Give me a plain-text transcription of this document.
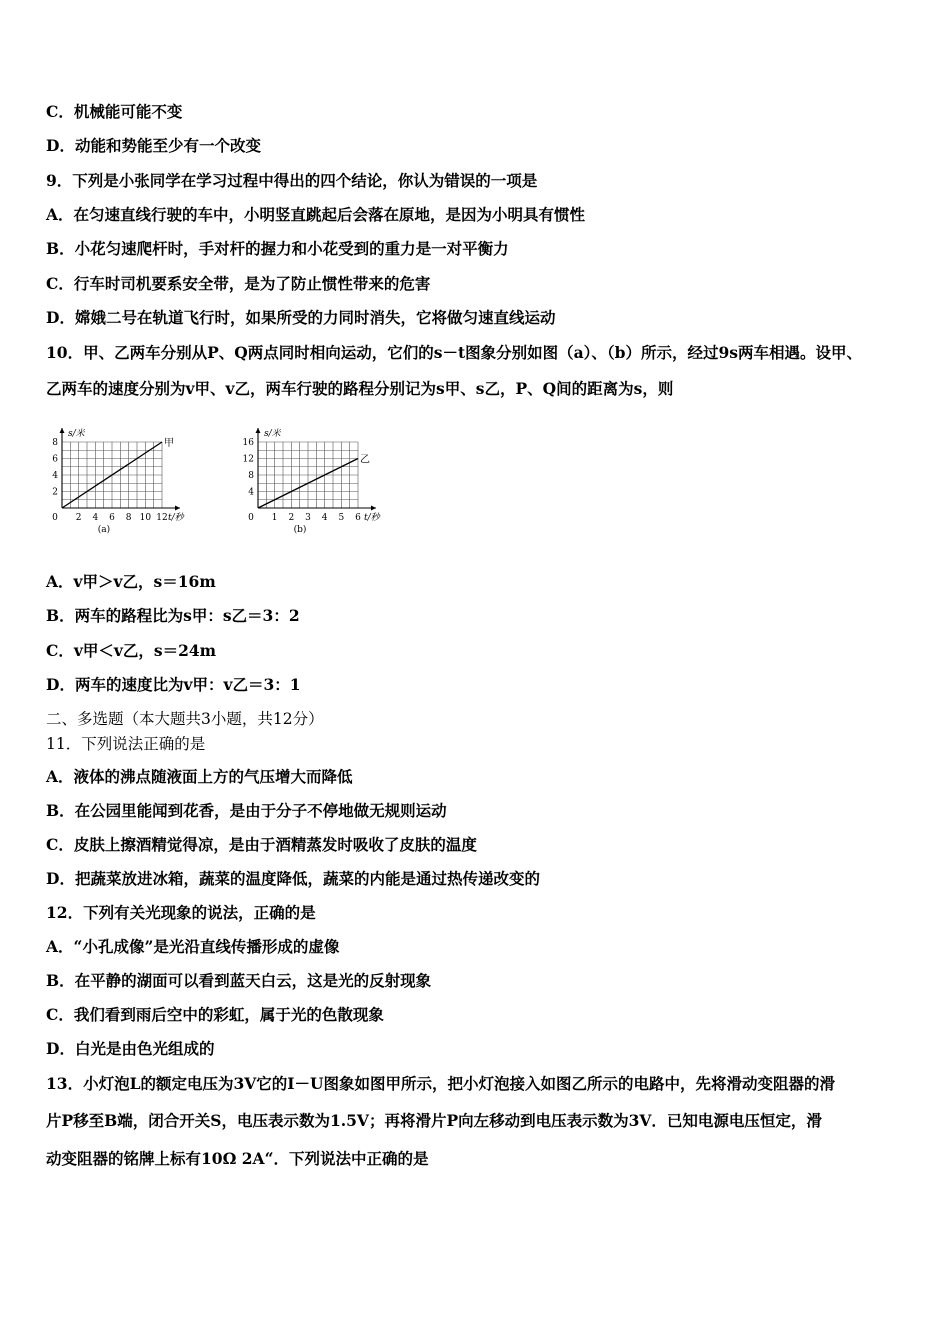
C．机械能可能不变
D．动能和势能至少有一个改变
9．下列是小张同学在学习过程中得出的四个结论，你认为错误的一项是
A．在匀速直线行驶的车中，小明竖直跳起后会落在原地，是因为小明具有惯性
B．小花匀速爬杆时，手对杆的握力和小花受到的重力是一对平衡力
C．行车时司机要系安全带，是为了防止惯性带来的危害
D．嫦娥二号在轨道飞行时，如果所受的力同时消失，它将做匀速直线运动
10．甲、乙两车分别从P、Q两点同时相向运动，它们的s－t图象分别如图（a）、（b）所示，经过9s两车相遇。设甲、
乙两车的速度分别为v甲、v乙，两车行驶的路程分别记为s甲、s乙，P、Q间的距离为s，则
s/米
t/秒
0 2 4 6 8 10 12
2
4
6
8	甲
(a)
s/米
t/秒
0 1 2 3 4 5 6
4
8
12
16
乙
(b)
A．v甲＞v乙，s＝16m
B．两车的路程比为s甲：s乙＝3：2
C．v甲＜v乙，s＝24m
D．两车的速度比为v甲：v乙＝3：1
二、多选题（本大题共3小题，共12分）
11．下列说法正确的是
A．液体的沸点随液面上方的气压增大而降低
B．在公园里能闻到花香，是由于分子不停地做无规则运动
C．皮肤上擦酒精觉得凉，是由于酒精蒸发时吸收了皮肤的温度
D．把蔬菜放进冰箱，蔬菜的温度降低，蔬菜的内能是通过热传递改变的
12．下列有关光现象的说法，正确的是
A．“小孔成像”是光沿直线传播形成的虚像
B．在平静的湖面可以看到蓝天白云，这是光的反射现象
C．我们看到雨后空中的彩虹，属于光的色散现象
D．白光是由色光组成的
13．小灯泡L的额定电压为3V它的I－U图象如图甲所示，把小灯泡接入如图乙所示的电路中，先将滑动变阻器的滑
片P移至B端，闭合开关S，电压表示数为1.5V；再将滑片P向左移动到电压表示数为3V．已知电源电压恒定，滑
动变阻器的铭牌上标有10Ω 2A“．下列说法中正确的是
